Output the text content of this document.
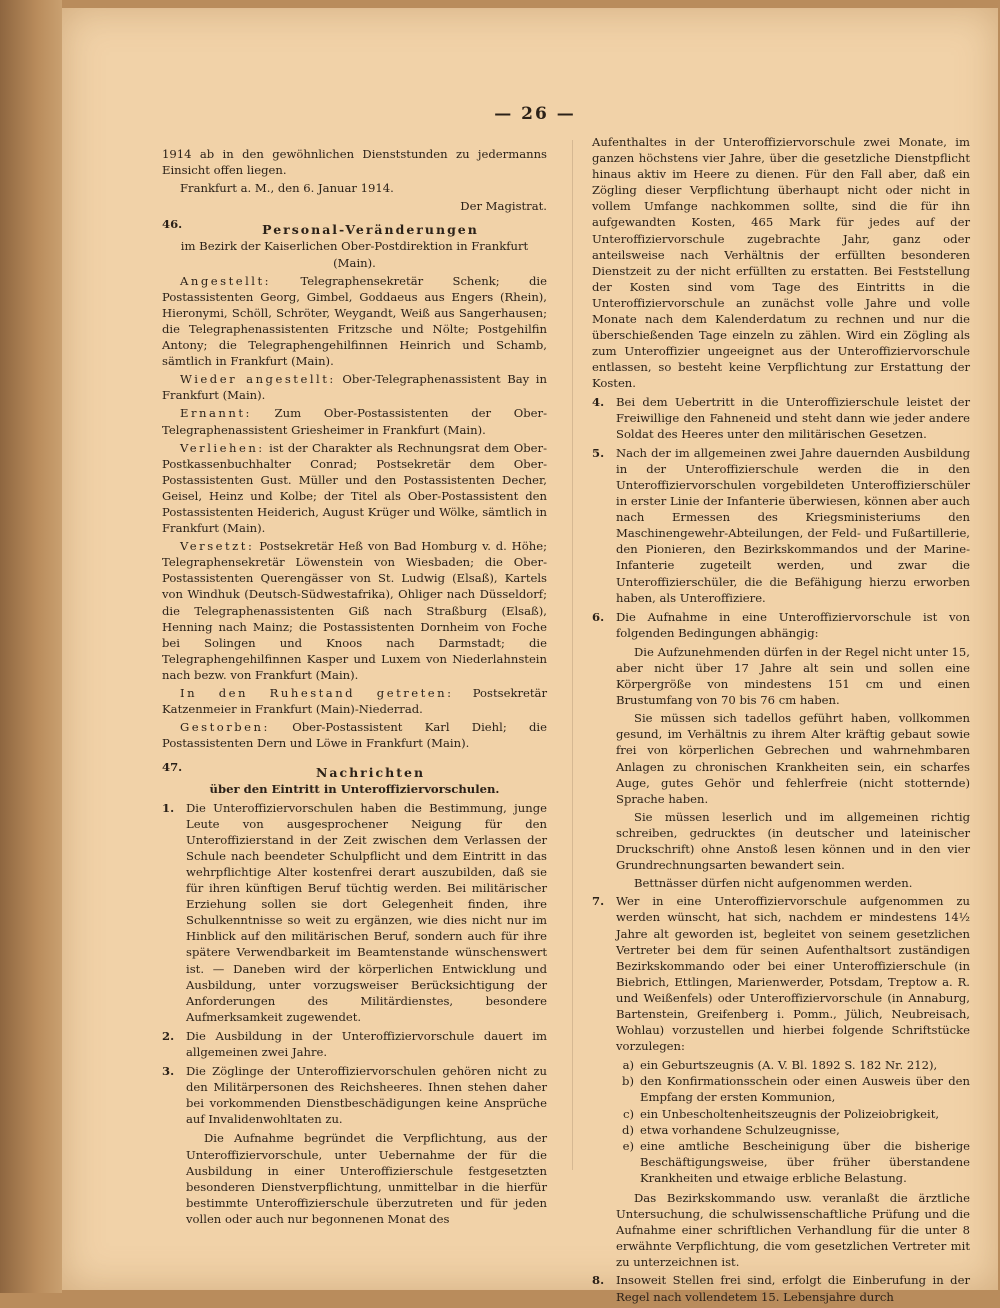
— 26 —

1914 ab in den gewöhnlichen Dienststunden zu jedermanns Einsicht offen liegen.

Frankfurt a. M., den 6. Januar 1914.

Der Magistrat.

46.	Personal-Veränderungen

im Bezirk der Kaiserlichen Ober-Postdirektion in Frankfurt (Main).

Angestellt:	Telegraphensekretär Schenk; die Postassistenten Georg, Gimbel, Goddaeus aus Engers (Rhein), Hieronymi, Schöll, Schröter, Weygandt, Weiß aus Sangerhausen; die Telegraphenassistenten Fritzsche und Nölte; Postgehilfin Antony; die Telegraphengehilfinnen Heinrich und Schamb, sämtlich in Frankfurt (Main).

Wieder angestellt: Ober-Telegraphenassistent Bay in Frankfurt (Main).

Ernannt: Zum Ober-Postassistenten der Ober-Telegraphenassistent Griesheimer in Frankfurt (Main).

Verliehen: ist der Charakter als Rechnungsrat dem Ober-Postkassenbuchhalter Conrad; Postsekretär dem Ober-Postassistenten Gust. Müller und den Postassistenten Decher, Geisel, Heinz und Kolbe; der Titel als Ober-Postassistent den Postassistenten Heiderich, August Krüger und Wölke, sämtlich in Frankfurt (Main).

Versetzt: Postsekretär Heß von Bad Homburg v. d. Höhe; Telegraphensekretär Löwenstein von Wiesbaden; die Ober-Postassistenten Querengässer von St. Ludwig (Elsaß), Kartels von Windhuk (Deutsch-Südwestafrika), Ohliger nach Düsseldorf; die Telegraphenassistenten Giß nach Straßburg (Elsaß), Henning nach Mainz; die Postassistenten Dornheim von Foche bei Solingen und Knoos nach Darmstadt; die Telegraphengehilfinnen Kasper und Luxem von Niederlahnstein nach bezw. von Frankfurt (Main).

In den Ruhestand getreten: Postsekretär Katzenmeier in Frankfurt (Main)-Niederrad.

Gestorben: Ober-Postassistent Karl Diehl; die Postassistenten Dern und Löwe in Frankfurt (Main).

47.	Nachrichten

über den Eintritt in Unteroffiziervorschulen.

1.	Die Unteroffiziervorschulen haben die Bestimmung, junge Leute von ausgesprochener Neigung für den Unteroffizierstand in der Zeit zwischen dem Verlassen der Schule nach beendeter Schulpflicht und dem Eintritt in das wehrpflichtige Alter kostenfrei derart auszubilden, daß sie für ihren künftigen Beruf tüchtig werden. Bei militärischer Erziehung sollen sie dort Gelegenheit finden, ihre Schulkenntnisse so weit zu ergänzen, wie dies nicht nur im Hinblick auf den militärischen Beruf, sondern auch für ihre spätere Verwendbarkeit im Beamtenstande wünschenswert ist. — Daneben wird der körperlichen Entwicklung und Ausbildung, unter vorzugsweiser Berücksichtigung der Anforderungen des Militärdienstes, besondere Aufmerksamkeit zugewendet.
2.	Die Ausbildung in der Unteroffiziervorschule dauert im allgemeinen zwei Jahre.
3.	Die Zöglinge der Unteroffiziervorschulen gehören nicht zu den Militärpersonen des Reichsheeres. Ihnen stehen daher bei vorkommenden Dienstbeschädigungen keine Ansprüche auf Invalidenwohltaten zu.

Die Aufnahme begründet die Verpflichtung, aus der Unteroffiziervorschule, unter Uebernahme der für die Ausbildung in einer Unteroffizierschule festgesetzten besonderen Dienstverpflichtung, unmittelbar in die hierfür bestimmte Unteroffizierschule überzutreten und für jeden vollen oder auch nur begonnenen Monat des

Aufenthaltes in der Unteroffiziervorschule zwei Monate, im ganzen höchstens vier Jahre, über die gesetzliche Dienstpflicht hinaus aktiv im Heere zu dienen. Für den Fall aber, daß ein Zögling dieser Verpflichtung überhaupt nicht oder nicht in vollem Umfange nachkommen sollte, sind die für ihn aufgewandten Kosten, 465 Mark für jedes auf der Unteroffiziervorschule zugebrachte Jahr, ganz oder anteilsweise nach Verhältnis der erfüllten besonderen Dienstzeit zu der nicht erfüllten zu erstatten. Bei Feststellung der Kosten sind vom Tage des Eintritts in die Unteroffiziervorschule an zunächst volle Jahre und volle Monate nach dem Kalenderdatum zu rechnen und nur die überschießenden Tage einzeln zu zählen. Wird ein Zögling als zum Unteroffizier ungeeignet aus der Unteroffiziervorschule entlassen, so besteht keine Verpflichtung zur Erstattung der Kosten.

4.	Bei dem Uebertritt in die Unteroffizierschule leistet der Freiwillige den Fahneneid und steht dann wie jeder andere Soldat des Heeres unter den militärischen Gesetzen.
5.	Nach der im allgemeinen zwei Jahre dauernden Ausbildung in der Unteroffizierschule werden die in den Unteroffiziervorschulen vorgebildeten Unteroffizierschüler in erster Linie der Infanterie überwiesen, können aber auch nach Ermessen des Kriegsministeriums den Maschinengewehr-Abteilungen, der Feld- und Fußartillerie, den Pionieren, den Bezirkskommandos und der Marine-Infanterie zugeteilt werden, und zwar die Unteroffizierschüler, die die Befähigung hierzu erworben haben, als Unteroffiziere.
6.	Die Aufnahme in eine Unteroffiziervorschule ist von folgenden Bedingungen abhängig:

Die Aufzunehmenden dürfen in der Regel nicht unter 15, aber nicht über 17 Jahre alt sein und sollen eine Körpergröße von mindestens 151 cm und einen Brustumfang von 70 bis 76 cm haben.

Sie müssen sich tadellos geführt haben, vollkommen gesund, im Verhältnis zu ihrem Alter kräftig gebaut sowie frei von körperlichen Gebrechen und wahrnehmbaren Anlagen zu chronischen Krankheiten sein, ein scharfes Auge, gutes Gehör und fehlerfreie (nicht stotternde) Sprache haben.

Sie müssen leserlich und im allgemeinen richtig schreiben, gedrucktes (in deutscher und lateinischer Druckschrift) ohne Anstoß lesen können und in den vier Grundrechnungsarten bewandert sein.

Bettnässer dürfen nicht aufgenommen werden.

7.	Wer in eine Unteroffiziervorschule aufgenommen zu werden wünscht, hat sich, nachdem er mindestens 14½ Jahre alt geworden ist, begleitet von seinem gesetzlichen Vertreter bei dem für seinen Aufenthaltsort zuständigen Bezirkskommando oder bei einer Unteroffizierschule (in Biebrich, Ettlingen, Marienwerder, Potsdam, Treptow a. R. und Weißenfels) oder Unteroffiziervorschule (in Annaburg, Bartenstein, Greifenberg i. Pomm., Jülich, Neubreisach, Wohlau) vorzustellen und hierbei folgende Schriftstücke vorzulegen:
a) ein Geburtszeugnis (A. V. Bl. 1892 S. 182 Nr. 212),
b) den Konfirmationsschein oder einen Ausweis über den Empfang der ersten Kommunion,
c) ein Unbescholtenheitszeugnis der Polizeiobrigkeit,
d) etwa vorhandene Schulzeugnisse,
e) eine amtliche Bescheinigung über die bisherige Beschäftigungsweise, über früher überstandene Krankheiten und etwaige erbliche Belastung.

Das Bezirkskommando usw. veranlaßt die ärztliche Untersuchung, die schulwissenschaftliche Prüfung und die Aufnahme einer schriftlichen Verhandlung für die unter 8 erwähnte Verpflichtung, die vom gesetzlichen Vertreter mit zu unterzeichnen ist.

8.	Insoweit Stellen frei sind, erfolgt die Einberufung in der Regel nach vollendetem 15. Lebensjahre durch
